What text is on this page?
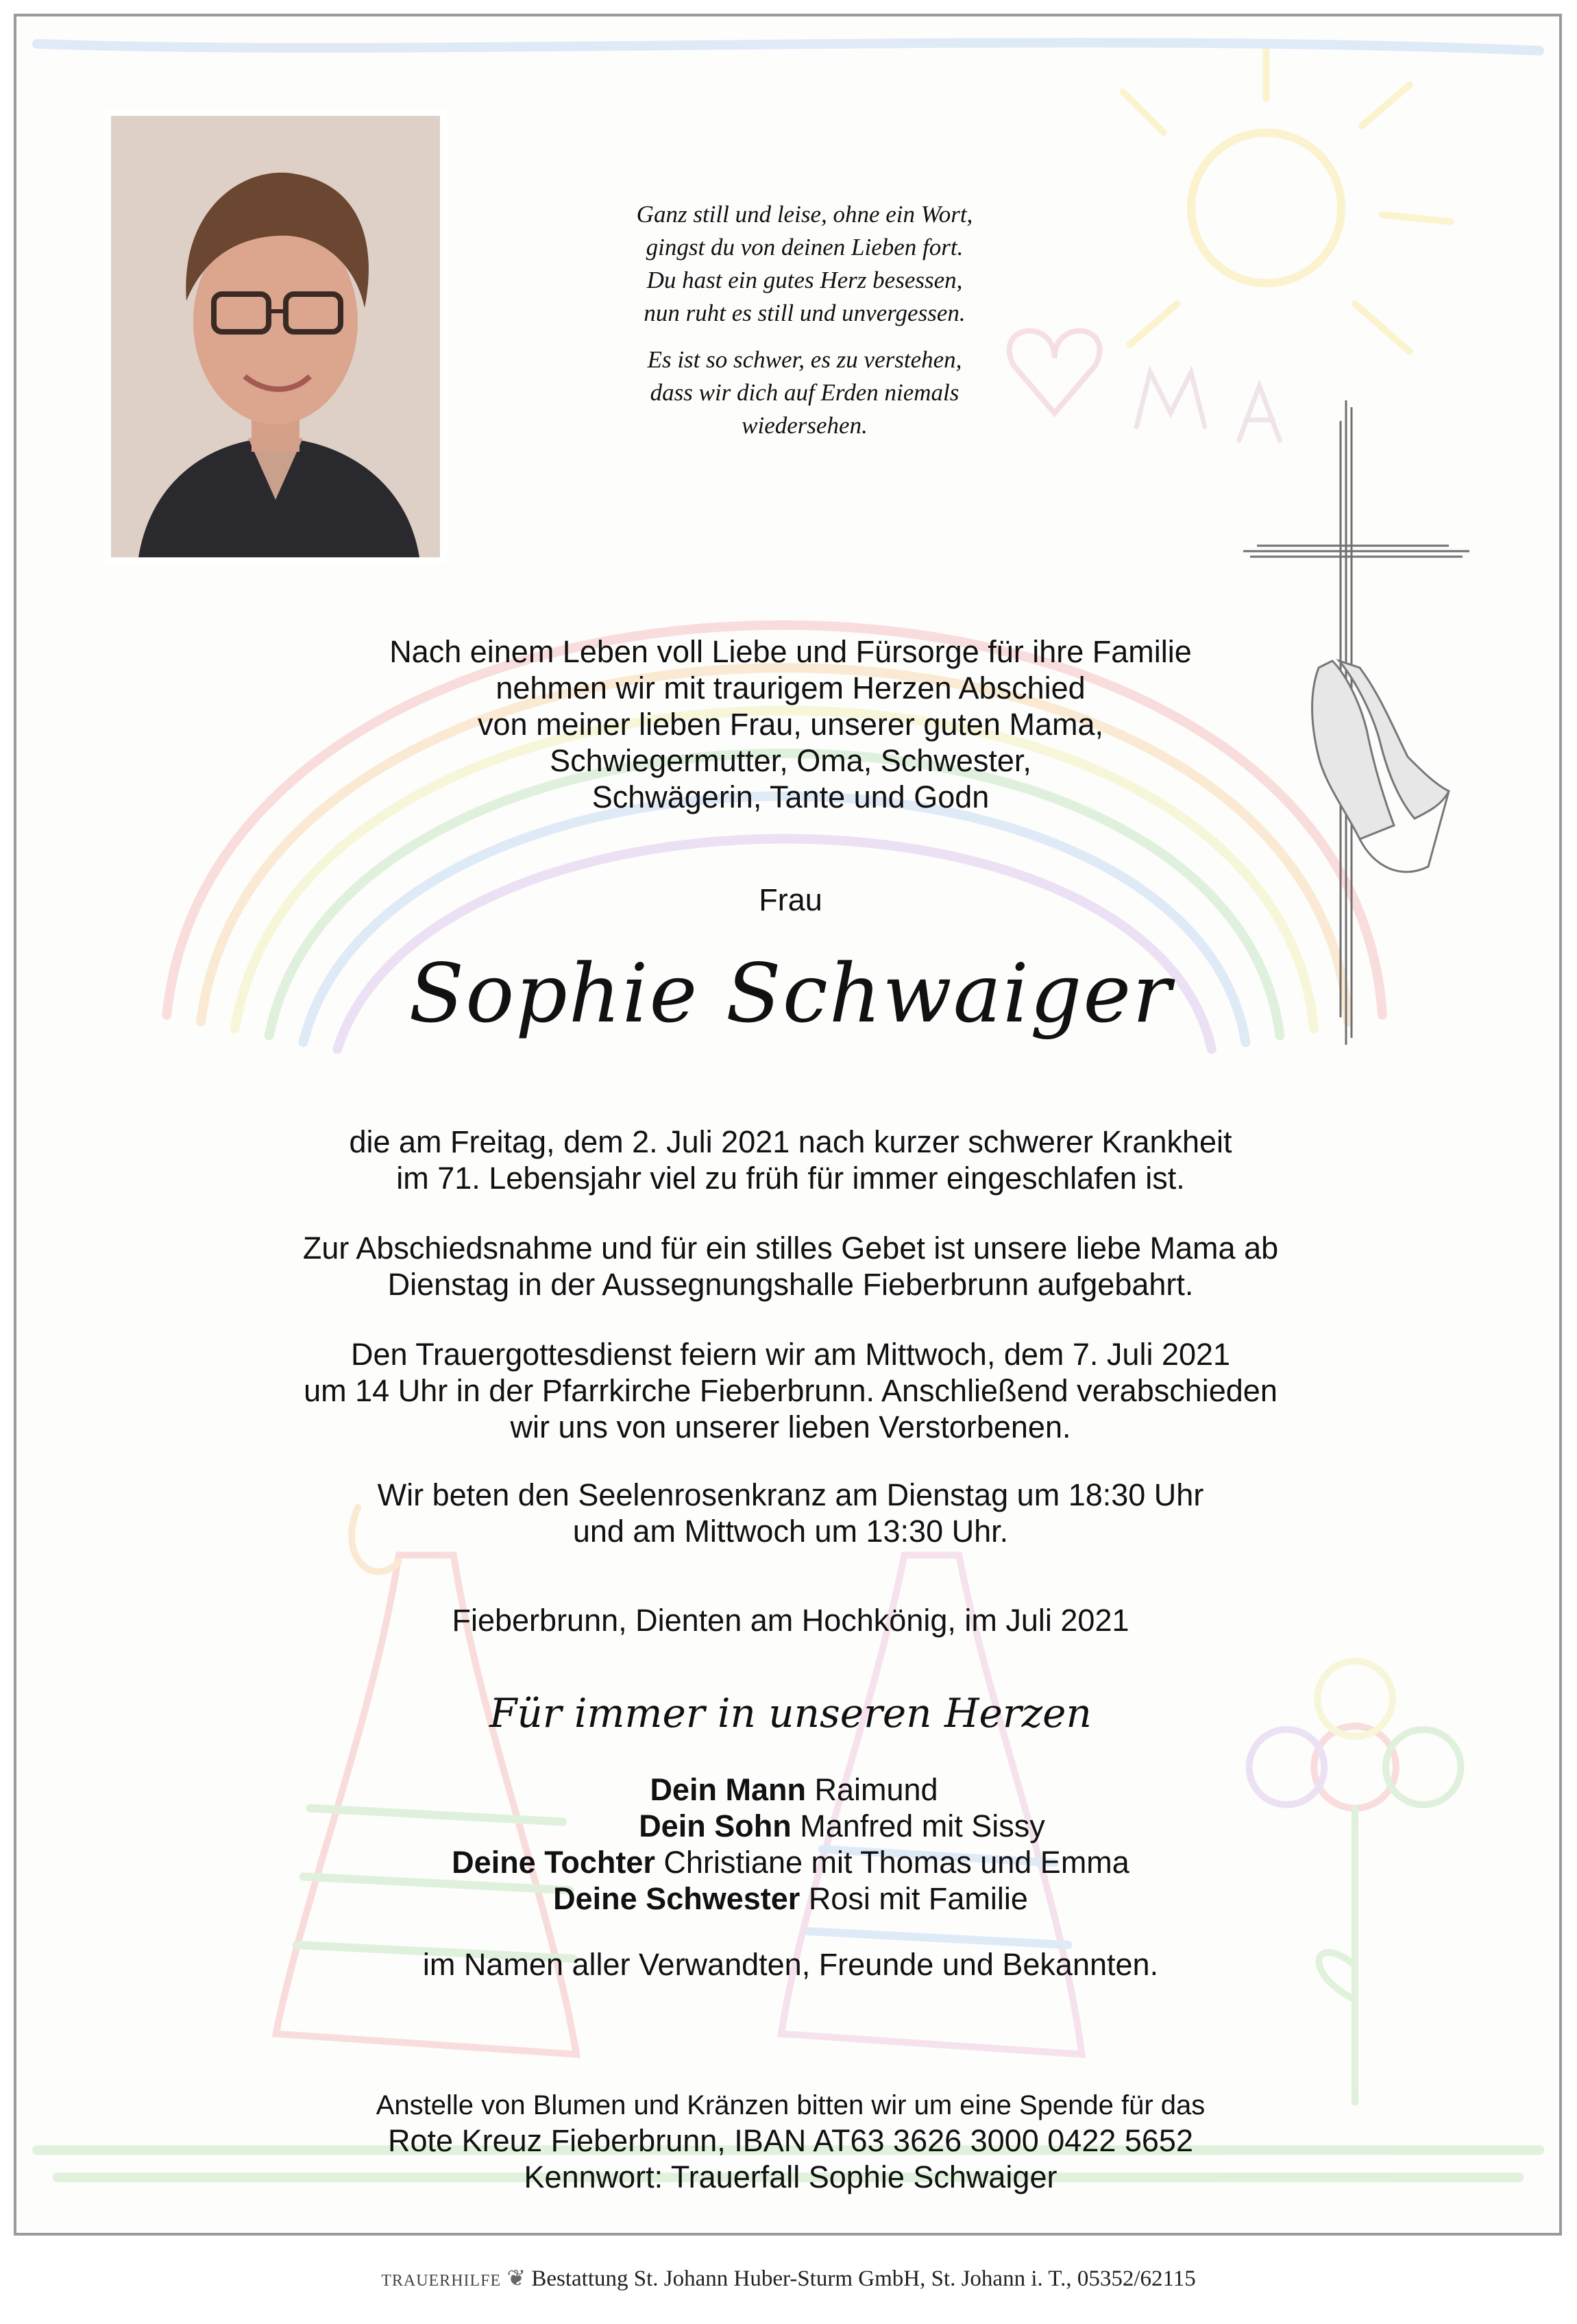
Ganz still und leise, ohne ein Wort,
gingst du von deinen Lieben fort.
Du hast ein gutes Herz besessen,
nun ruht es still und unvergessen.

Es ist so schwer, es zu verstehen,
dass wir dich auf Erden niemals
wiedersehen.

Nach einem Leben voll Liebe und Fürsorge für ihre Familie
nehmen wir mit traurigem Herzen Abschied
von meiner lieben Frau, unserer guten Mama,
Schwiegermutter, Oma, Schwester,
Schwägerin, Tante und Godn

Frau
Sophie Schwaiger

die am Freitag, dem 2. Juli 2021 nach kurzer schwerer Krankheit
im 71. Lebensjahr viel zu früh für immer eingeschlafen ist.

Zur Abschiedsnahme und für ein stilles Gebet ist unsere liebe Mama ab
Dienstag in der Aussegnungshalle Fieberbrunn aufgebahrt.

Den Trauergottesdienst feiern wir am Mittwoch, dem 7. Juli 2021
um 14 Uhr in der Pfarrkirche Fieberbrunn. Anschließend verabschieden
wir uns von unserer lieben Verstorbenen.

Wir beten den Seelenrosenkranz am Dienstag um 18:30 Uhr
und am Mittwoch um 13:30 Uhr.

Fieberbrunn, Dienten am Hochkönig, im Juli 2021
Für immer in unseren Herzen
Dein Mann Raimund
Dein Sohn Manfred mit Sissy
Deine Tochter Christiane mit Thomas und Emma
Deine Schwester Rosi mit Familie
im Namen aller Verwandten, Freunde und Bekannten.
Anstelle von Blumen und Kränzen bitten wir um eine Spende für das
Rote Kreuz Fieberbrunn, IBAN AT63 3626 3000 0422 5652
Kennwort: Trauerfall Sophie Schwaiger
TRAUERHILFE ❦ Bestattung St. Johann Huber-Sturm GmbH, St. Johann i. T., 05352/62115
